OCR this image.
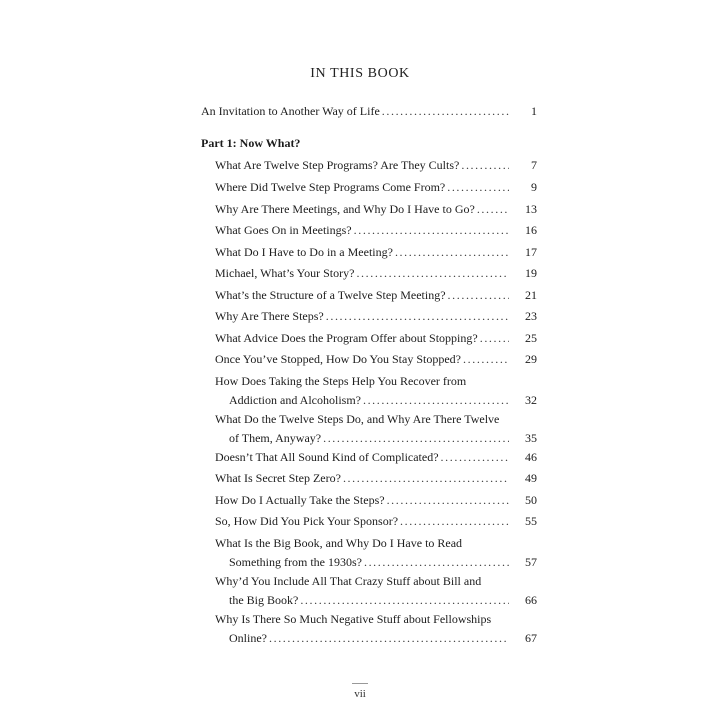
IN THIS BOOK
An Invitation to Another Way of Life .....	1
Part 1: Now What?
What Are Twelve Step Programs? Are They Cults? .....	7
Where Did Twelve Step Programs Come From? .....	9
Why Are There Meetings, and Why Do I Have to Go? .....	13
What Goes On in Meetings? .....	16
What Do I Have to Do in a Meeting? .....	17
Michael, What’s Your Story? .....	19
What’s the Structure of a Twelve Step Meeting? .....	21
Why Are There Steps? .....	23
What Advice Does the Program Offer about Stopping? .....	25
Once You’ve Stopped, How Do You Stay Stopped? .....	29
How Does Taking the Steps Help You Recover from
Addiction and Alcoholism? .....	32
What Do the Twelve Steps Do, and Why Are There Twelve
of Them, Anyway? .....	35
Doesn’t That All Sound Kind of Complicated? .....	46
What Is Secret Step Zero? .....	49
How Do I Actually Take the Steps? .....	50
So, How Did You Pick Your Sponsor? .....	55
What Is the Big Book, and Why Do I Have to Read
Something from the 1930s? .....	57
Why’d You Include All That Crazy Stuff about Bill and
the Big Book? .....	66
Why Is There So Much Negative Stuff about Fellowships
Online? .....	67
vii
